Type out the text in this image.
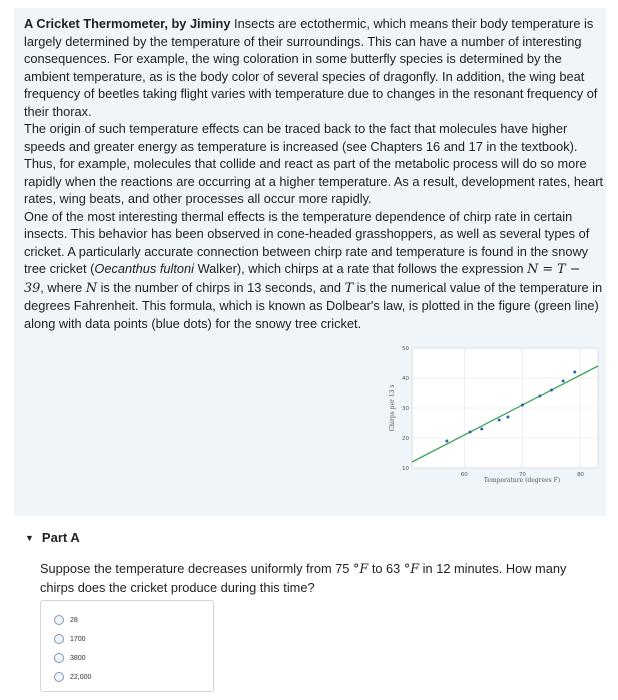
A Cricket Thermometer, by Jiminy Insects are ectothermic, which means their body temperature is largely determined by the temperature of their surroundings. This can have a number of interesting consequences. For example, the wing coloration in some butterfly species is determined by the ambient temperature, as is the body color of several species of dragonfly. In addition, the wing beat frequency of beetles taking flight varies with temperature due to changes in the resonant frequency of their thorax.

The origin of such temperature effects can be traced back to the fact that molecules have higher speeds and greater energy as temperature is increased (see Chapters 16 and 17 in the textbook). Thus, for example, molecules that collide and react as part of the metabolic process will do so more rapidly when the reactions are occurring at a higher temperature. As a result, development rates, heart rates, wing beats, and other processes all occur more rapidly.

One of the most interesting thermal effects is the temperature dependence of chirp rate in certain insects. This behavior has been observed in cone-headed grasshoppers, as well as several types of cricket. A particularly accurate connection between chirp rate and temperature is found in the snowy tree cricket (Oecanthus fultoni Walker), which chirps at a rate that follows the expression N = T − 39, where N is the number of chirps in 13 seconds, and T is the numerical value of the temperature in degrees Fahrenheit. This formula, which is known as Dolbear's law, is plotted in the figure (green line) along with data points (blue dots) for the snowy tree cricket.

50
40
30
20
10
60	70	80
Chirps per 13 s
Temperature (degrees F)
▼ Part A
Suppose the temperature decreases uniformly from 75 °F to 63 °F in 12 minutes. How many chirps does the cricket produce during this time?
28
1700
3800
22,000
